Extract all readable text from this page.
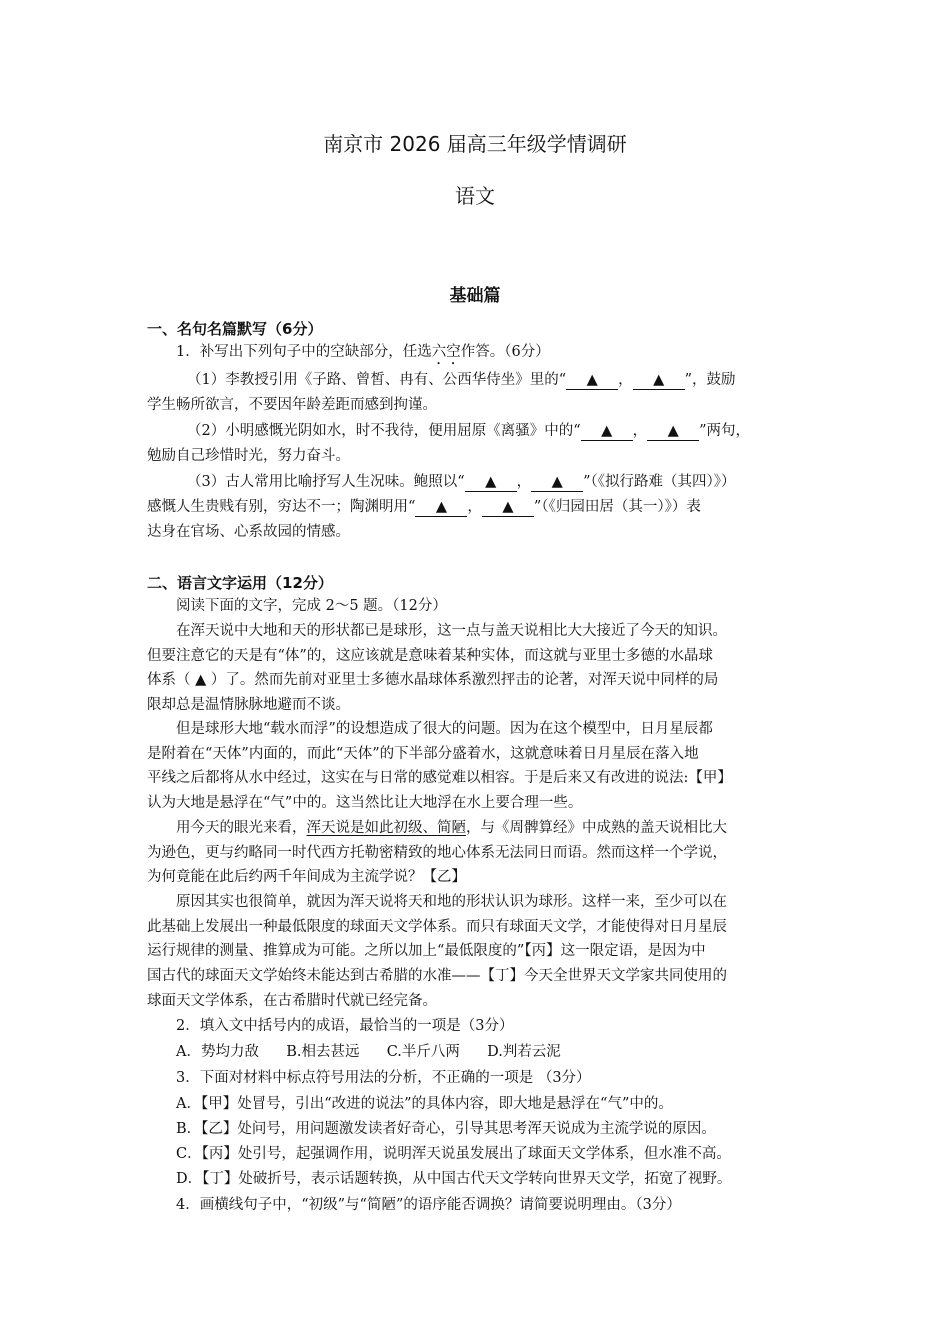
南京市 2026 届高三年级学情调研
语文
基础篇
一、名句名篇默写（6分）
1．补写出下列句子中的空缺部分，任选六空作答。（6分）
（1）李教授引用《子路、曾皙、冉有、公西华侍坐》里的“ ▲ ， ▲ ”，鼓励
学生畅所欲言，不要因年龄差距而感到拘谨。
（2）小明感慨光阴如水，时不我待，便用屈原《离骚》中的“ ▲ ， ▲ ”两句，
勉励自己珍惜时光，努力奋斗。
（3）古人常用比喻抒写人生况味。鲍照以“ ▲ ， ▲ ”（《拟行路难（其四）》）
感慨人生贵贱有别，穷达不一；陶渊明用“ ▲ ， ▲ ”（《归园田居（其一）》）表
达身在官场、心系故园的情感。
二、语言文字运用（12分）
阅读下面的文字，完成 2～5 题。（12分）
在浑天说中大地和天的形状都已是球形，这一点与盖天说相比大大接近了今天的知识。
但要注意它的天是有“体”的，这应该就是意味着某种实体，而这就与亚里士多德的水晶球
体系（ ▲ ）了。然而先前对亚里士多德水晶球体系激烈抨击的论著，对浑天说中同样的局
限却总是温情脉脉地避而不谈。
但是球形大地“载水而浮”的设想造成了很大的问题。因为在这个模型中，日月星辰都
是附着在“天体”内面的，而此“天体”的下半部分盛着水，这就意味着日月星辰在落入地
平线之后都将从水中经过，这实在与日常的感觉难以相容。于是后来又有改进的说法:【甲】
认为大地是悬浮在“气”中的。这当然比让大地浮在水上要合理一些。
用今天的眼光来看，浑天说是如此初级、简陋，与《周髀算经》中成熟的盖天说相比大
为逊色，更与约略同一时代西方托勒密精致的地心体系无法同日而语。然而这样一个学说，
为何竟能在此后约两千年间成为主流学说？【乙】
原因其实也很简单，就因为浑天说将天和地的形状认识为球形。这样一来，至少可以在
此基础上发展出一种最低限度的球面天文学体系。而只有球面天文学，才能使得对日月星辰
运行规律的测量、推算成为可能。之所以加上“最低限度的”【丙】这一限定语，是因为中
国古代的球面天文学始终未能达到古希腊的水准——【丁】今天全世界天文学家共同使用的
球面天文学体系，在古希腊时代就已经完备。
2．填入文中括号内的成语，最恰当的一项是（3分）
A．势均力敌 B.相去甚远 C.半斤八两 D.判若云泥
3．下面对材料中标点符号用法的分析，不正确的一项是 （3分）
A．【甲】处冒号，引出“改进的说法”的具体内容，即大地是悬浮在“气”中的。
B．【乙】处问号，用问题激发读者好奇心，引导其思考浑天说成为主流学说的原因。
C．【丙】处引号，起强调作用，说明浑天说虽发展出了球面天文学体系，但水准不高。
D．【丁】处破折号，表示话题转换，从中国古代天文学转向世界天文学，拓宽了视野。
4．画横线句子中，“初级”与“简陋”的语序能否调换？请简要说明理由。（3分）
